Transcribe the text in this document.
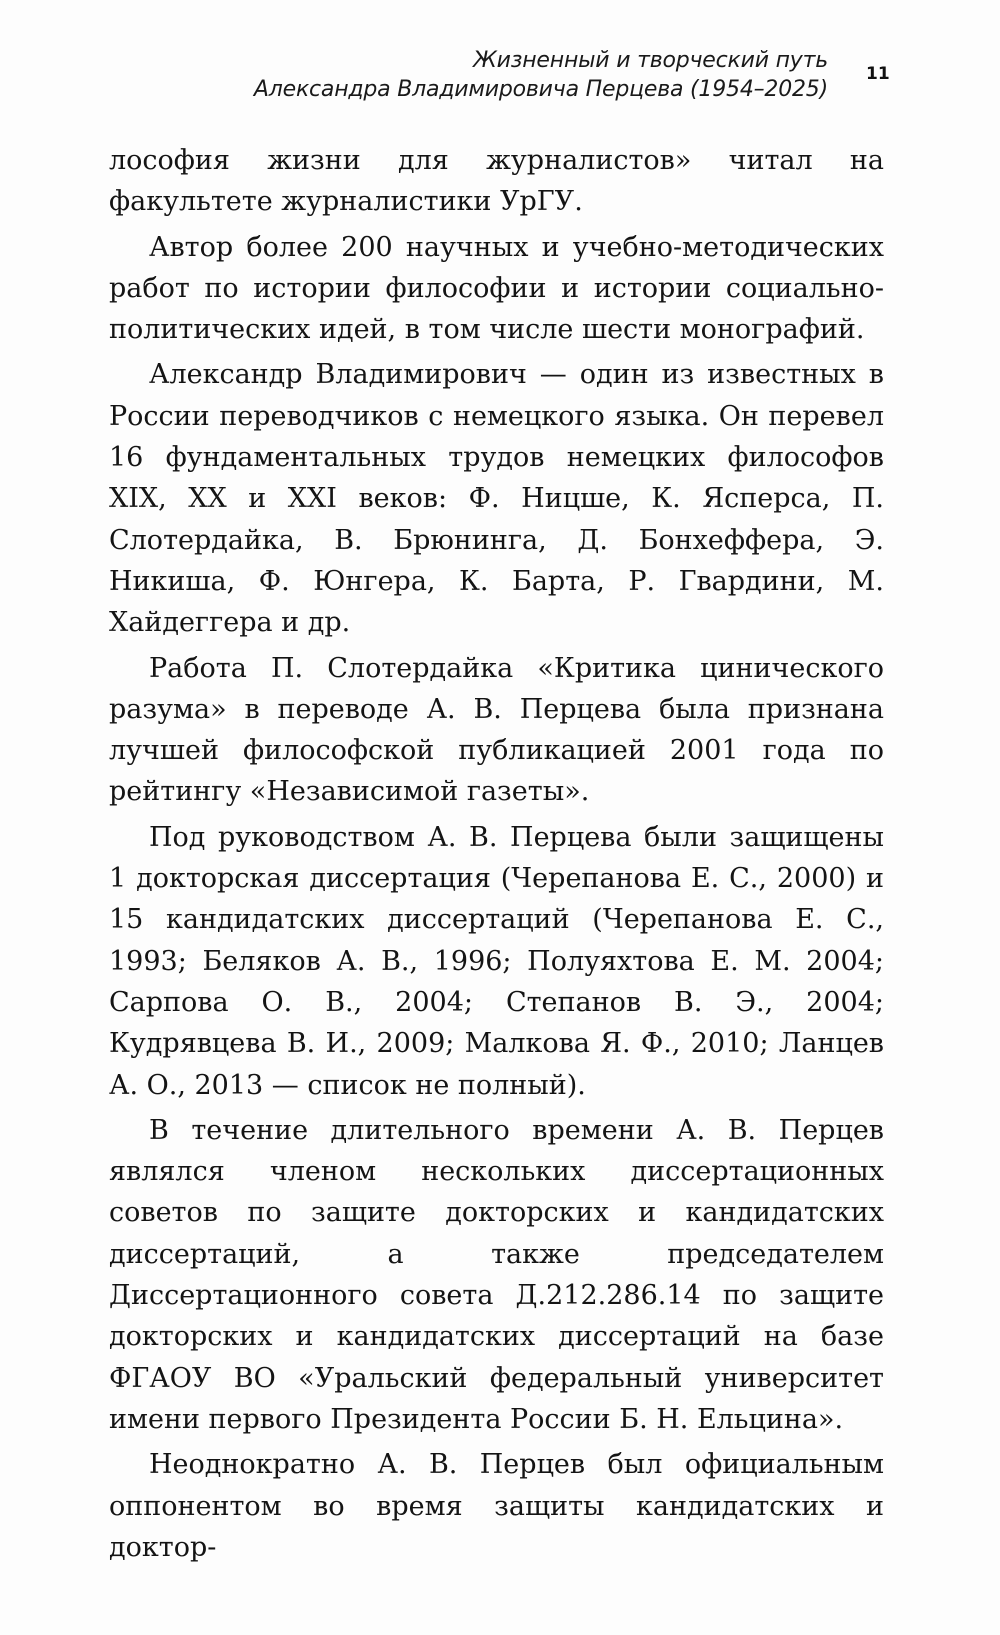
Жизненный и творческий путь
Александра Владимировича Перцева (1954–2025)
11

лософия жизни для журналистов» читал на факультете журналистики УрГУ.

Автор более 200 научных и учебно-методических работ по истории философии и истории социально-политических идей, в том числе шести монографий.

Александр Владимирович — один из известных в России переводчиков с немецкого языка. Он перевел 16 фундаментальных трудов немецких философов XIX, XX и XXI веков: Ф. Ницше, К. Ясперса, П. Слотердайка, В. Брюнинга, Д. Бонхеффера, Э. Никиша, Ф. Юнгера, К. Барта, Р. Гвардини, М. Хайдеггера и др.

Работа П. Слотердайка «Критика цинического разума» в переводе А. В. Перцева была признана лучшей философской публикацией 2001 года по рейтингу «Независимой газеты».

Под руководством А. В. Перцева были защищены 1 докторская диссертация (Черепанова Е. С., 2000) и 15 кандидатских диссертаций (Черепанова Е. С., 1993; Беляков А. В., 1996; Полуяхтова Е. М. 2004; Сарпова О. В., 2004; Степанов В. Э., 2004; Кудрявцева В. И., 2009; Малкова Я. Ф., 2010; Ланцев А. О., 2013 — список не полный).

В течение длительного времени А. В. Перцев являлся членом нескольких диссертационных советов по защите докторских и кандидатских диссертаций, а также председателем Диссертационного совета Д.212.286.14 по защите докторских и кандидатских диссертаций на базе ФГАОУ ВО «Уральский федеральный университет имени первого Президента России Б. Н. Ельцина».

Неоднократно А. В. Перцев был официальным оппонентом во время защиты кандидатских и доктор-
